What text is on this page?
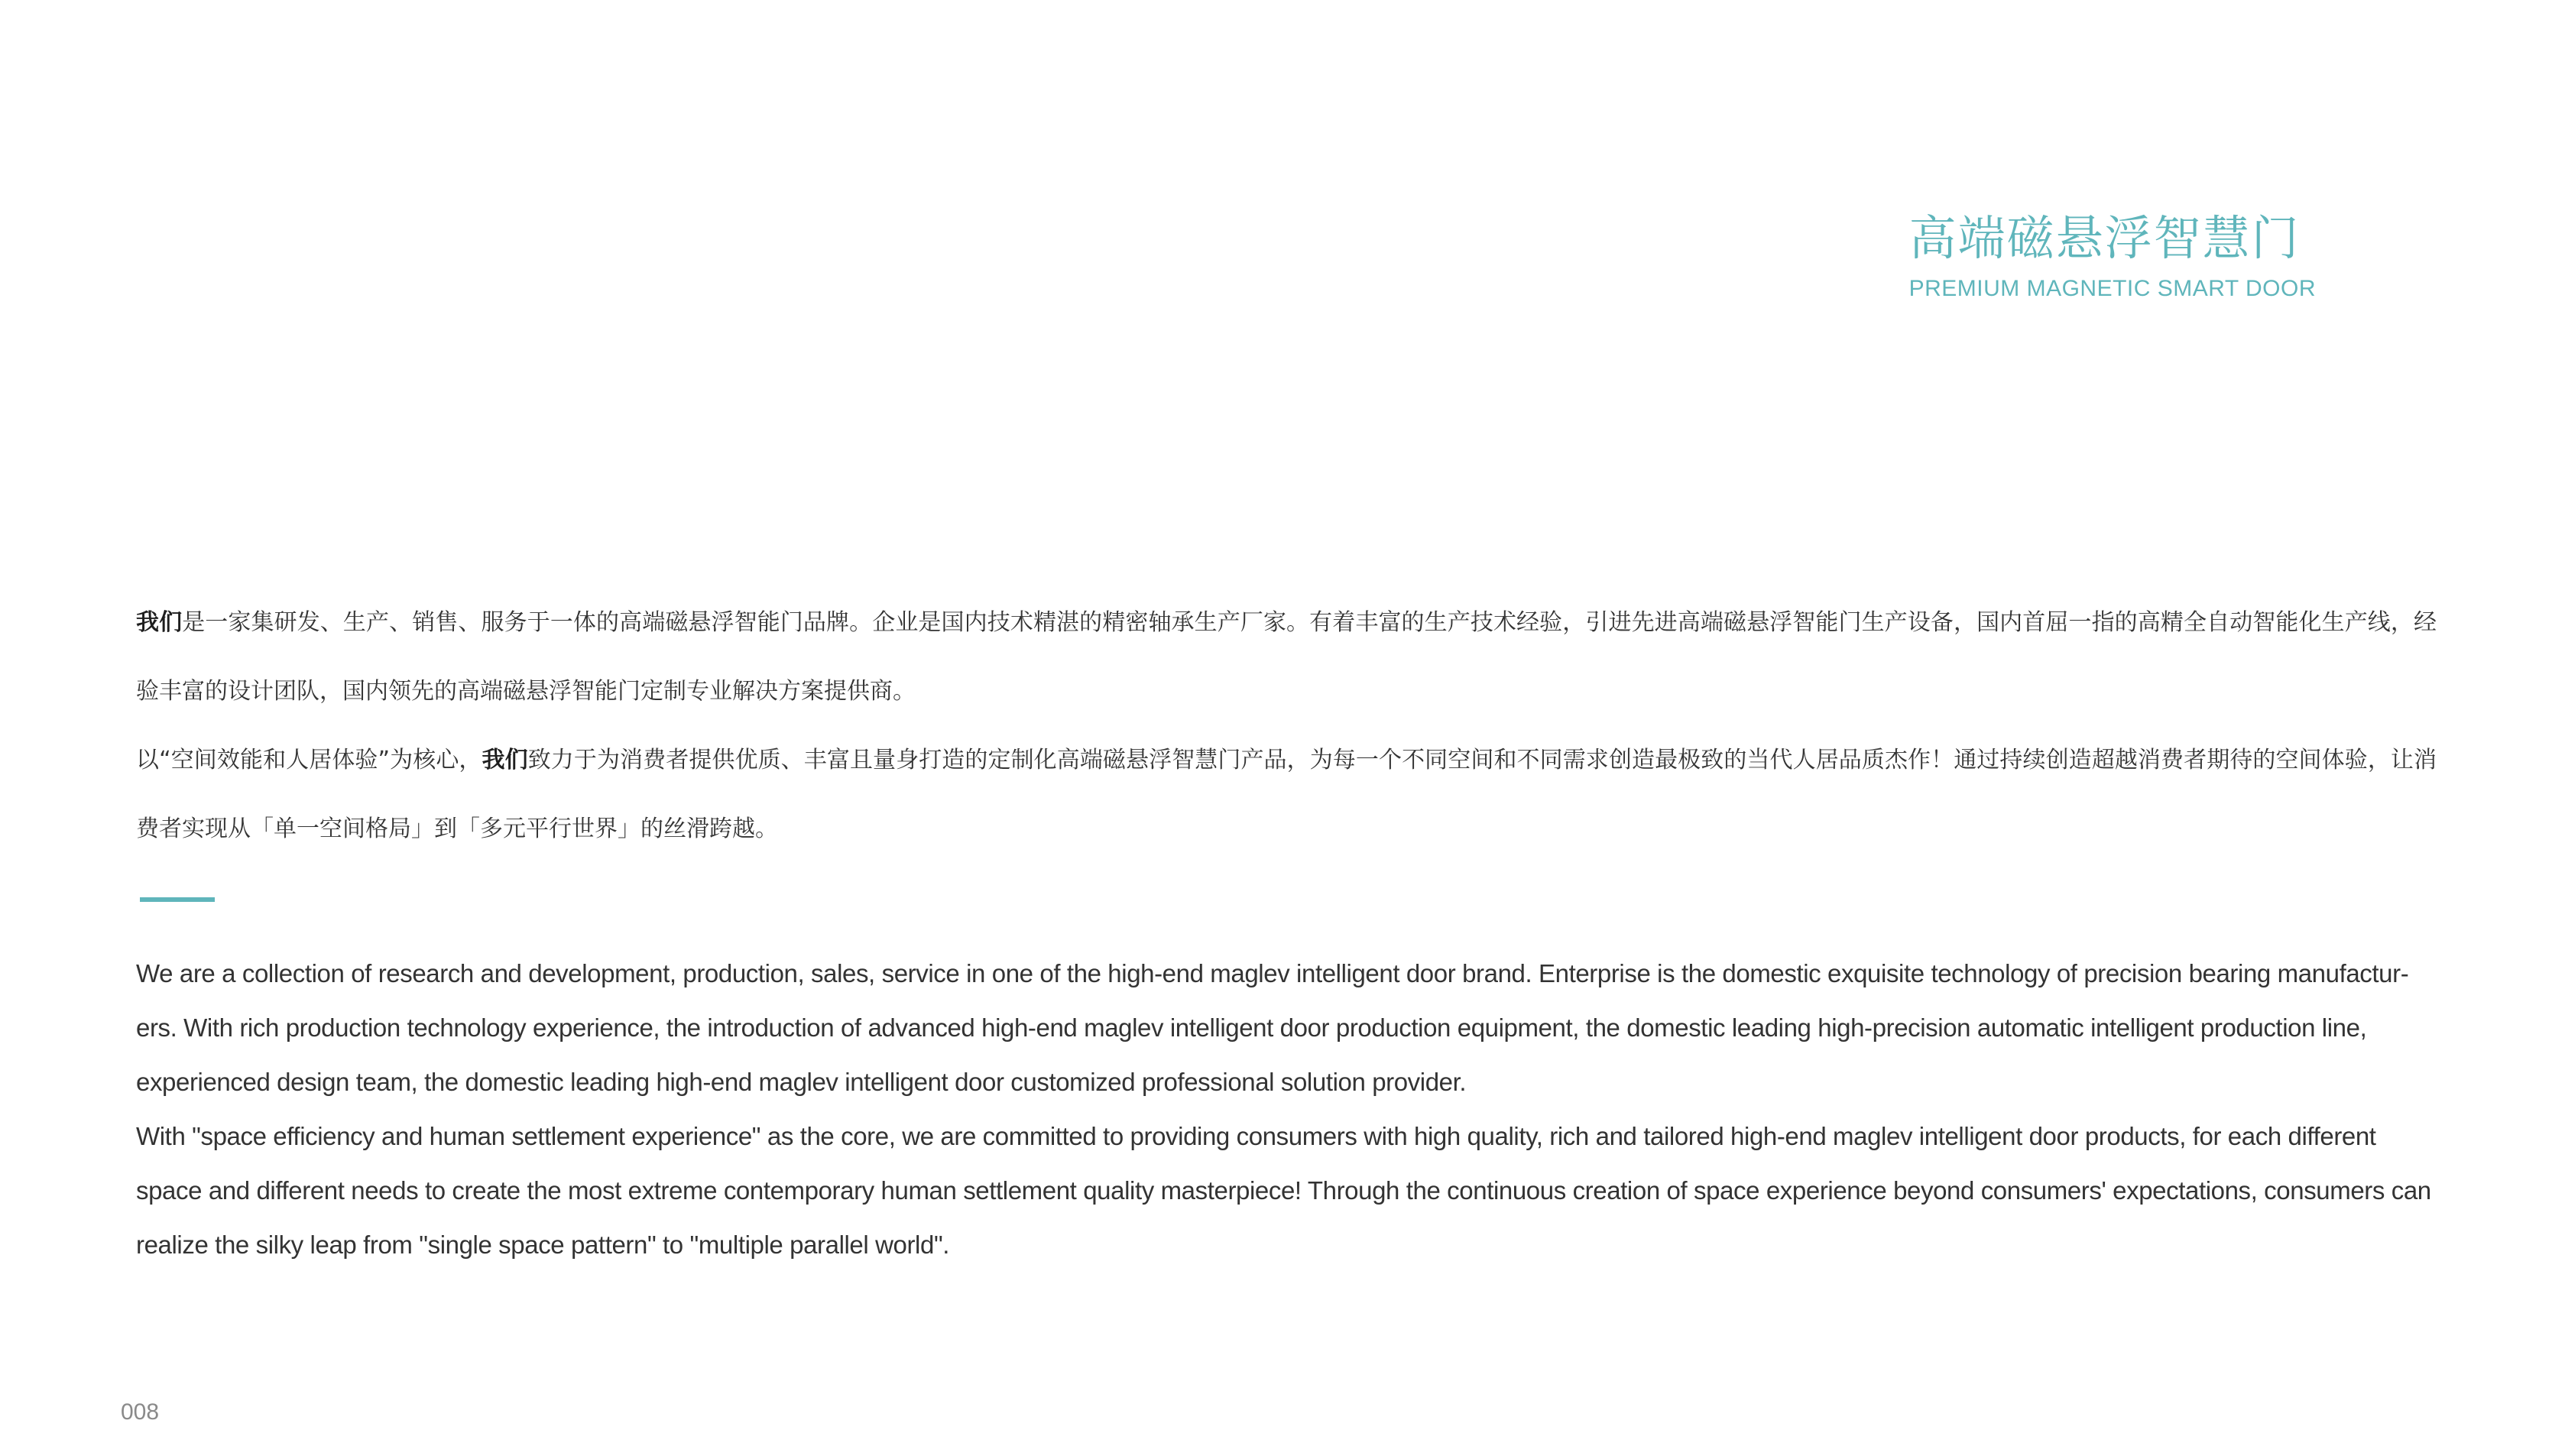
高端磁悬浮智慧门
PREMIUM MAGNETIC SMART DOOR

我们是一家集研发、生产、销售、服务于一体的高端磁悬浮智能门品牌。企业是国内技术精湛的精密轴承生产厂家。有着丰富的生产技术经验，引进先进高端磁悬浮智能门生产设备，国内首屈一指的高精全自动智能化生产线，经验丰富的设计团队，国内领先的高端磁悬浮智能门定制专业解决方案提供商。

以“空间效能和人居体验”为核心，我们致力于为消费者提供优质、丰富且量身打造的定制化高端磁悬浮智慧门产品，为每一个不同空间和不同需求创造最极致的当代人居品质杰作！通过持续创造超越消费者期待的空间体验，让消费者实现从「单一空间格局」到「多元平行世界」的丝滑跨越。

We are a collection of research and development, production, sales, service in one of the high-end maglev intelligent door brand. Enterprise is the domestic exquisite technology of precision bearing manufactur- ers. With rich production technology experience, the introduction of advanced high-end maglev intelligent door production equipment, the domestic leading high-precision automatic intelligent production line, experienced design team, the domestic leading high-end maglev intelligent door customized professional solution provider.

With "space efficiency and human settlement experience" as the core, we are committed to providing consumers with high quality, rich and tailored high-end maglev intelligent door products, for each different space and different needs to create the most extreme contemporary human settlement quality masterpiece! Through the continuous creation of space experience beyond consumers' expectations, consumers can realize the silky leap from "single space pattern" to "multiple parallel world".

008
